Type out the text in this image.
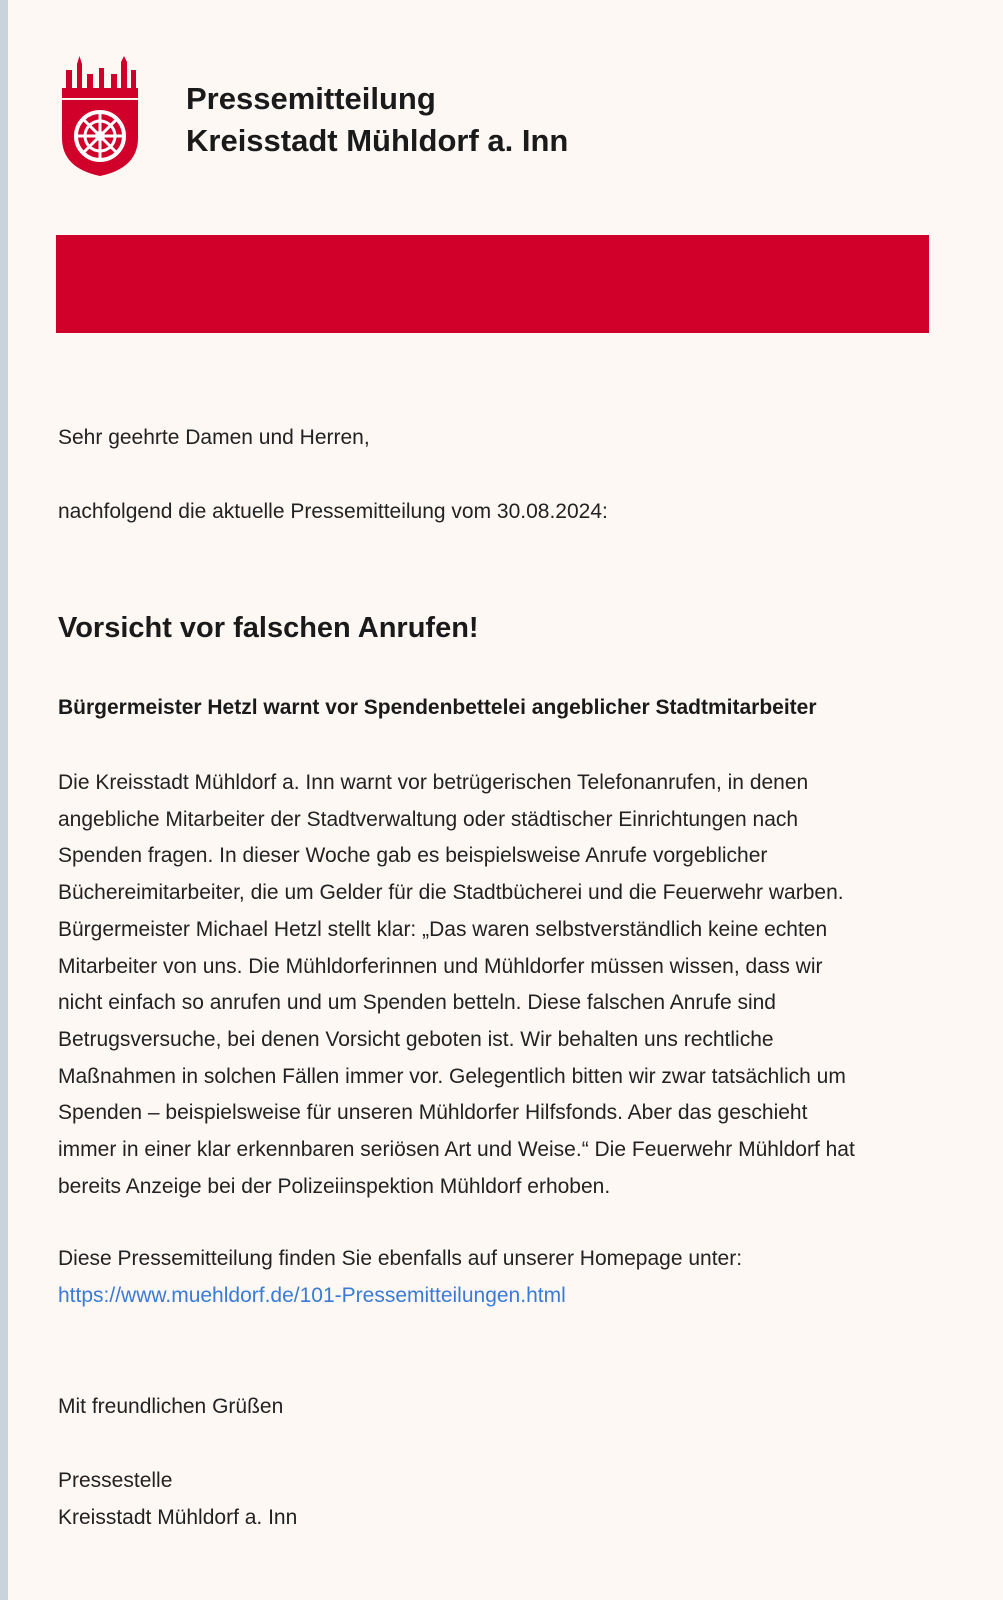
Pressemitteilung
Kreisstadt Mühldorf a. Inn
Sehr geehrte Damen und Herren,
nachfolgend die aktuelle Pressemitteilung vom 30.08.2024:
Vorsicht vor falschen Anrufen!
Bürgermeister Hetzl warnt vor Spendenbettelei angeblicher Stadtmitarbeiter
Die Kreisstadt Mühldorf a. Inn warnt vor betrügerischen Telefonanrufen, in denen
angebliche Mitarbeiter der Stadtverwaltung oder städtischer Einrichtungen nach
Spenden fragen. In dieser Woche gab es beispielsweise Anrufe vorgeblicher
Büchereimitarbeiter, die um Gelder für die Stadtbücherei und die Feuerwehr warben.
Bürgermeister Michael Hetzl stellt klar: „Das waren selbstverständlich keine echten
Mitarbeiter von uns. Die Mühldorferinnen und Mühldorfer müssen wissen, dass wir
nicht einfach so anrufen und um Spenden betteln. Diese falschen Anrufe sind
Betrugsversuche, bei denen Vorsicht geboten ist. Wir behalten uns rechtliche
Maßnahmen in solchen Fällen immer vor. Gelegentlich bitten wir zwar tatsächlich um
Spenden – beispielsweise für unseren Mühldorfer Hilfsfonds. Aber das geschieht
immer in einer klar erkennbaren seriösen Art und Weise.“ Die Feuerwehr Mühldorf hat
bereits Anzeige bei der Polizeiinspektion Mühldorf erhoben.
Diese Pressemitteilung finden Sie ebenfalls auf unserer Homepage unter:
https://www.muehldorf.de/101-Pressemitteilungen.html
Mit freundlichen Grüßen
Pressestelle
Kreisstadt Mühldorf a. Inn
